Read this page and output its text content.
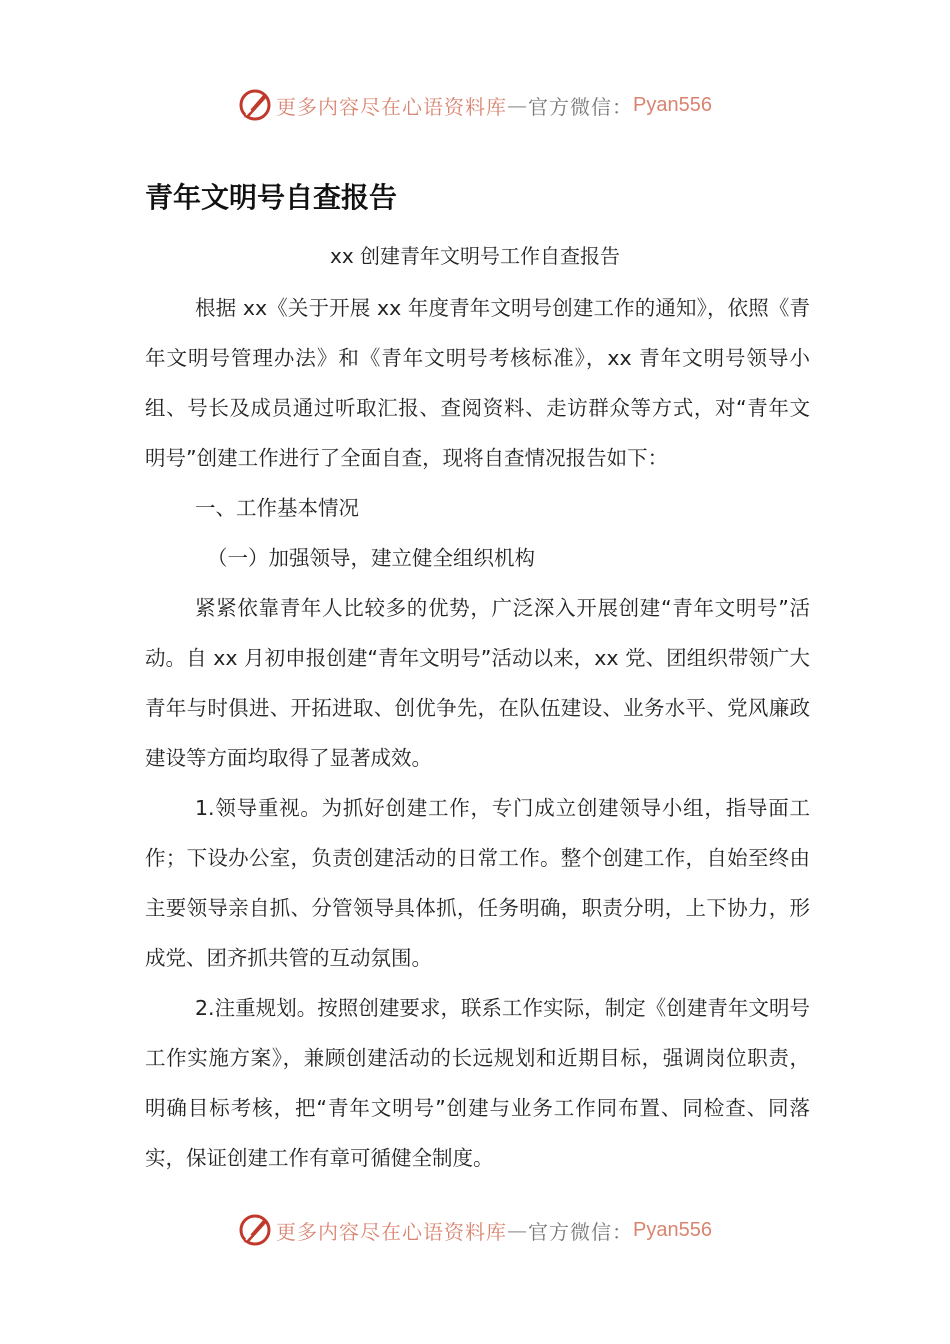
更多内容尽在心语资料库 — 官方微信： Pyan556
青年文明号自查报告
xx 创建青年文明号工作自查报告

根据 xx《关于开展 xx 年度青年文明号创建工作的通知》，依照《青年文明号管理办法》和《青年文明号考核标准》，xx 青年文明号领导小组、号长及成员通过听取汇报、查阅资料、走访群众等方式，对“青年文明号”创建工作进行了全面自查，现将自查情况报告如下：

一、工作基本情况

（一）加强领导，建立健全组织机构

紧紧依靠青年人比较多的优势，广泛深入开展创建“青年文明号”活动。自 xx 月初申报创建“青年文明号”活动以来，xx 党、团组织带领广大青年与时俱进、开拓进取、创优争先，在队伍建设、业务水平、党风廉政建设等方面均取得了显著成效。

1.领导重视。为抓好创建工作，专门成立创建领导小组，指导面工作；下设办公室，负责创建活动的日常工作。整个创建工作，自始至终由主要领导亲自抓、分管领导具体抓，任务明确，职责分明，上下协力，形成党、团齐抓共管的互动氛围。

2.注重规划。按照创建要求，联系工作实际，制定《创建青年文明号工作实施方案》，兼顾创建活动的长远规划和近期目标，强调岗位职责，明确目标考核，把“青年文明号”创建与业务工作同布置、同检查、同落实，保证创建工作有章可循健全制度。

更多内容尽在心语资料库 — 官方微信： Pyan556
